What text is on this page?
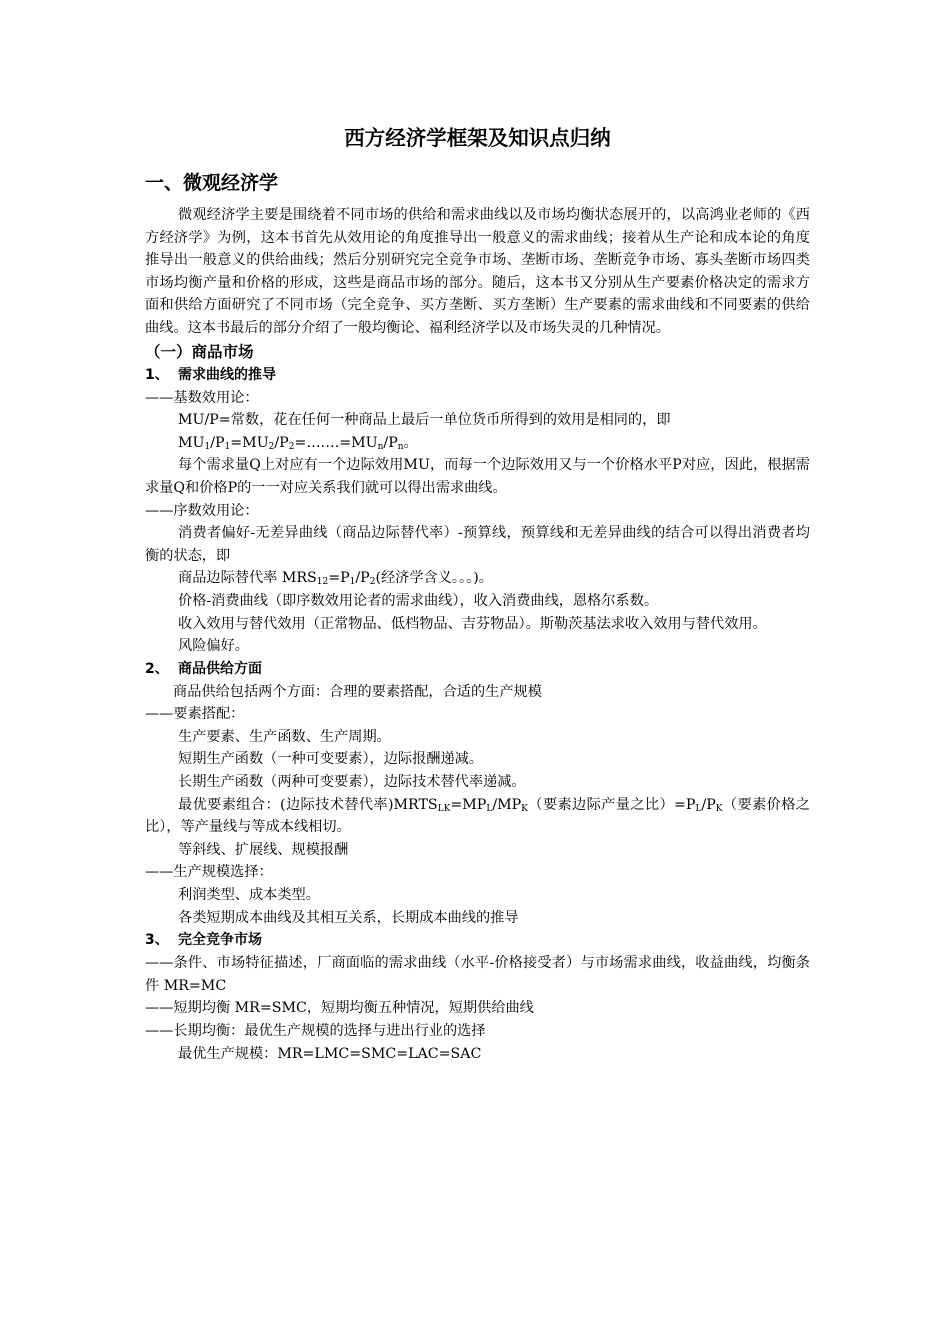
西方经济学框架及知识点归纳
一、微观经济学

微观经济学主要是围绕着不同市场的供给和需求曲线以及市场均衡状态展开的，以高鸿业老师的《西方经济学》为例，这本书首先从效用论的角度推导出一般意义的需求曲线；接着从生产论和成本论的角度推导出一般意义的供给曲线；然后分别研究完全竞争市场、垄断市场、垄断竞争市场、寡头垄断市场四类市场均衡产量和价格的形成，这些是商品市场的部分。随后，这本书又分别从生产要素价格决定的需求方面和供给方面研究了不同市场（完全竞争、买方垄断、买方垄断）生产要素的需求曲线和不同要素的供给曲线。这本书最后的部分介绍了一般均衡论、福利经济学以及市场失灵的几种情况。

（一）商品市场
1、 需求曲线的推导

——基数效用论：

MU/P=常数，花在任何一种商品上最后一单位货币所得到的效用是相同的，即

$MU_1/P_1=MU_2/P_2=\dots\dots.=MU_n/P_n$。

每个需求量Q上对应有一个边际效用MU，而每一个边际效用又与一个价格水平P对应，因此，根据需求量Q和价格P的一一对应关系我们就可以得出需求曲线。

——序数效用论：

消费者偏好-无差异曲线（商品边际替代率）-预算线，预算线和无差异曲线的结合可以得出消费者均衡的状态，即

商品边际替代率 $MRS_{12}=P_1/P_2$(经济学含义。。。)。

价格-消费曲线（即序数效用论者的需求曲线），收入消费曲线，恩格尔系数。

收入效用与替代效用（正常物品、低档物品、吉芬物品）。斯勒茨基法求收入效用与替代效用。

风险偏好。

2、 商品供给方面

商品供给包括两个方面：合理的要素搭配，合适的生产规模

——要素搭配：

生产要素、生产函数、生产周期。

短期生产函数（一种可变要素），边际报酬递减。

长期生产函数（两种可变要素），边际技术替代率递减。

最优要素组合：(边际技术替代率)$MRTS_{LK}=MP_L/MP_K$（要素边际产量之比）$=P_L/P_K$（要素价格之比），等产量线与等成本线相切。

等斜线、扩展线、规模报酬

——生产规模选择：

利润类型、成本类型。

各类短期成本曲线及其相互关系，长期成本曲线的推导

3、 完全竞争市场

——条件、市场特征描述，厂商面临的需求曲线（水平-价格接受者）与市场需求曲线，收益曲线，均衡条件 MR=MC

——短期均衡 MR=SMC，短期均衡五种情况，短期供给曲线

——长期均衡：最优生产规模的选择与进出行业的选择

最优生产规模：MR=LMC=SMC=LAC=SAC
